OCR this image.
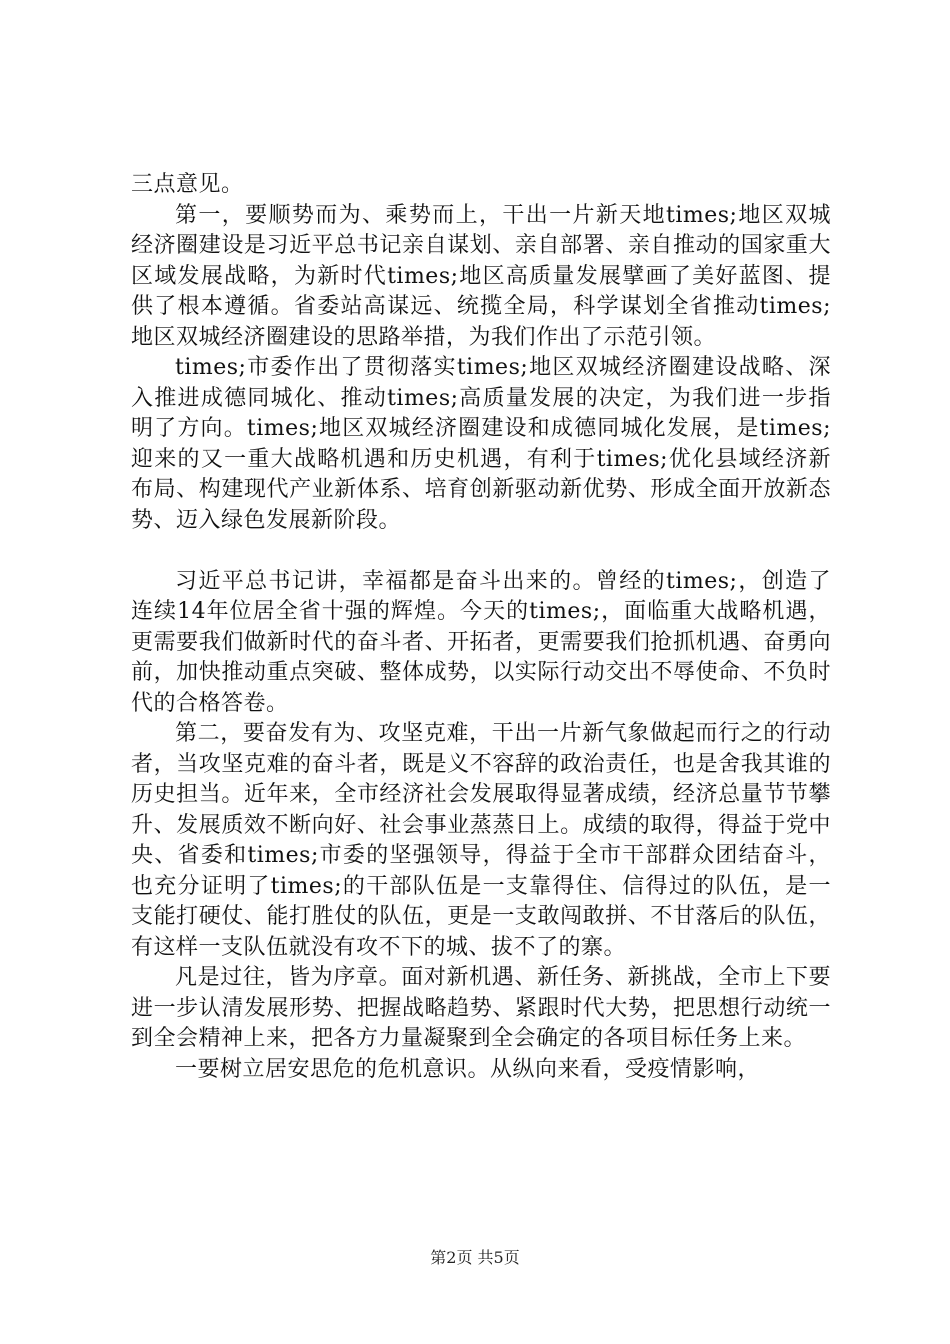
三点意见。

第一，要顺势而为、乘势而上，干出一片新天地times;地区双城经济圈建设是习近平总书记亲自谋划、亲自部署、亲自推动的国家重大区域发展战略，为新时代times;地区高质量发展擘画了美好蓝图、提供了根本遵循。省委站高谋远、统揽全局，科学谋划全省推动times;地区双城经济圈建设的思路举措，为我们作出了示范引领。

times;市委作出了贯彻落实times;地区双城经济圈建设战略、深入推进成德同城化、推动times;高质量发展的决定，为我们进一步指明了方向。times;地区双城经济圈建设和成德同城化发展，是times;迎来的又一重大战略机遇和历史机遇，有利于times;优化县域经济新布局、构建现代产业新体系、培育创新驱动新优势、形成全面开放新态势、迈入绿色发展新阶段。

习近平总书记讲，幸福都是奋斗出来的。曾经的times;，创造了连续14年位居全省十强的辉煌。今天的times;，面临重大战略机遇，更需要我们做新时代的奋斗者、开拓者，更需要我们抢抓机遇、奋勇向前，加快推动重点突破、整体成势，以实际行动交出不辱使命、不负时代的合格答卷。

第二，要奋发有为、攻坚克难，干出一片新气象做起而行之的行动者，当攻坚克难的奋斗者，既是义不容辞的政治责任，也是舍我其谁的历史担当。近年来，全市经济社会发展取得显著成绩，经济总量节节攀升、发展质效不断向好、社会事业蒸蒸日上。成绩的取得，得益于党中央、省委和times;市委的坚强领导，得益于全市干部群众团结奋斗，也充分证明了times;的干部队伍是一支靠得住、信得过的队伍，是一支能打硬仗、能打胜仗的队伍，更是一支敢闯敢拼、不甘落后的队伍，有这样一支队伍就没有攻不下的城、拔不了的寨。

凡是过往，皆为序章。面对新机遇、新任务、新挑战，全市上下要进一步认清发展形势、把握战略趋势、紧跟时代大势，把思想行动统一到全会精神上来，把各方力量凝聚到全会确定的各项目标任务上来。

一要树立居安思危的危机意识。从纵向来看，受疫情影响，

第2页 共5页
